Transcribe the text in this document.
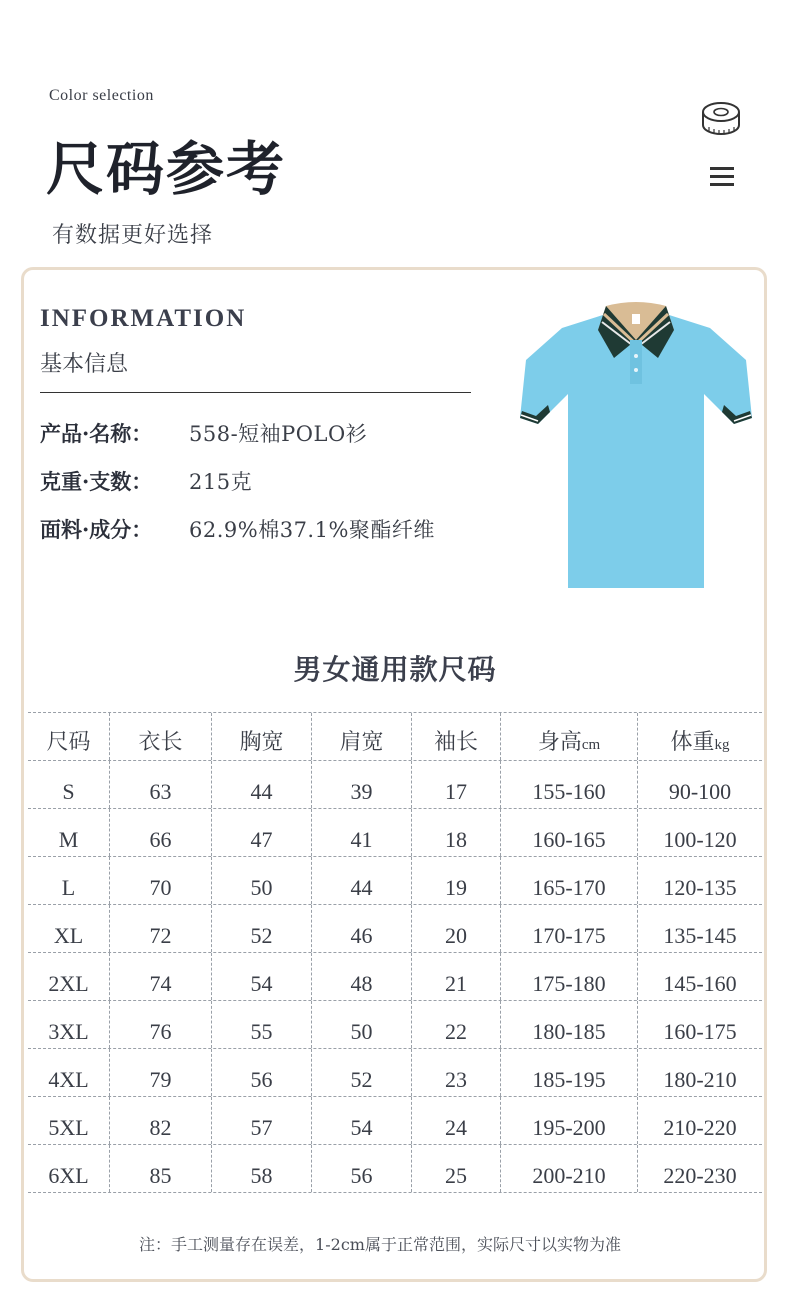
Color selection
尺码参考
有数据更好选择
INFORMATION
基本信息
产品·名称：	558-短袖POLO衫
克重·支数：	215克
面料·成分：	62.9%棉37.1%聚酯纤维
男女通用款尺码
尺码	衣长	胸宽	肩宽	袖长	身高cm	体重kg
S	63	44	39	17	155-160	90-100
M	66	47	41	18	160-165	100-120
L	70	50	44	19	165-170	120-135
XL	72	52	46	20	170-175	135-145
2XL	74	54	48	21	175-180	145-160
3XL	76	55	50	22	180-185	160-175
4XL	79	56	52	23	185-195	180-210
5XL	82	57	54	24	195-200	210-220
6XL	85	58	56	25	200-210	220-230
注：手工测量存在误差，1-2cm属于正常范围，实际尺寸以实物为准
